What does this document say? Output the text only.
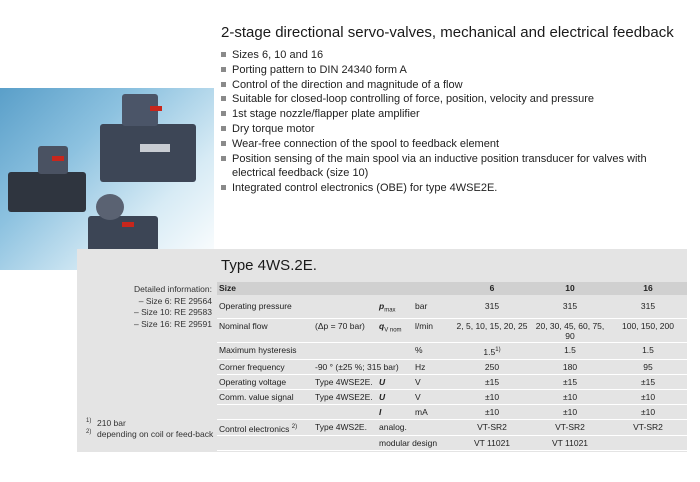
2-stage directional servo-valves, mechanical and electrical feedback
Sizes 6, 10 and 16
Porting pattern to DIN 24340 form A
Control of the direction and magnitude of a flow
Suitable for closed-loop controlling of force, position, velocity and pressure
1st stage nozzle/flapper plate amplifier
Dry torque motor
Wear-free connection of the spool to feedback element
Position sensing of the main spool via an inductive position transducer for valves with electrical feedback (size 10)
Integrated control electronics (OBE) for type 4WSE2E.
Type 4WS.2E.
Detailed information:
– Size 6: RE 29564
– Size 10: RE 29583
– Size 16: RE 29591
1) 210 bar
2) depending on coil or feed-back
Size				6	10	16

Operating pressure		$p_{max}$	bar	315	315	315
Nominal flow	(Δp = 70 bar)	$q_{V nom}$	l/min	2, 5, 10, 15, 20, 25	20, 30, 45, 60, 75, 90	100, 150, 200
Maximum hysteresis			%	1.5$^{1)}$	1.5	1.5
Corner frequency	-90 ° (±25 %; 315 bar)		Hz	250	180	95
Operating voltage	Type 4WSE2E.	U	V	±15	±15	±15
Comm. value signal	Type 4WSE2E.	U	V	±10	±10	±10
		I	mA	±10	±10	±10
Control electronics $^{2)}$	Type 4WS2E.	analog.		VT-SR2	VT-SR2	VT-SR2
		modular design		VT 11021	VT 11021	
